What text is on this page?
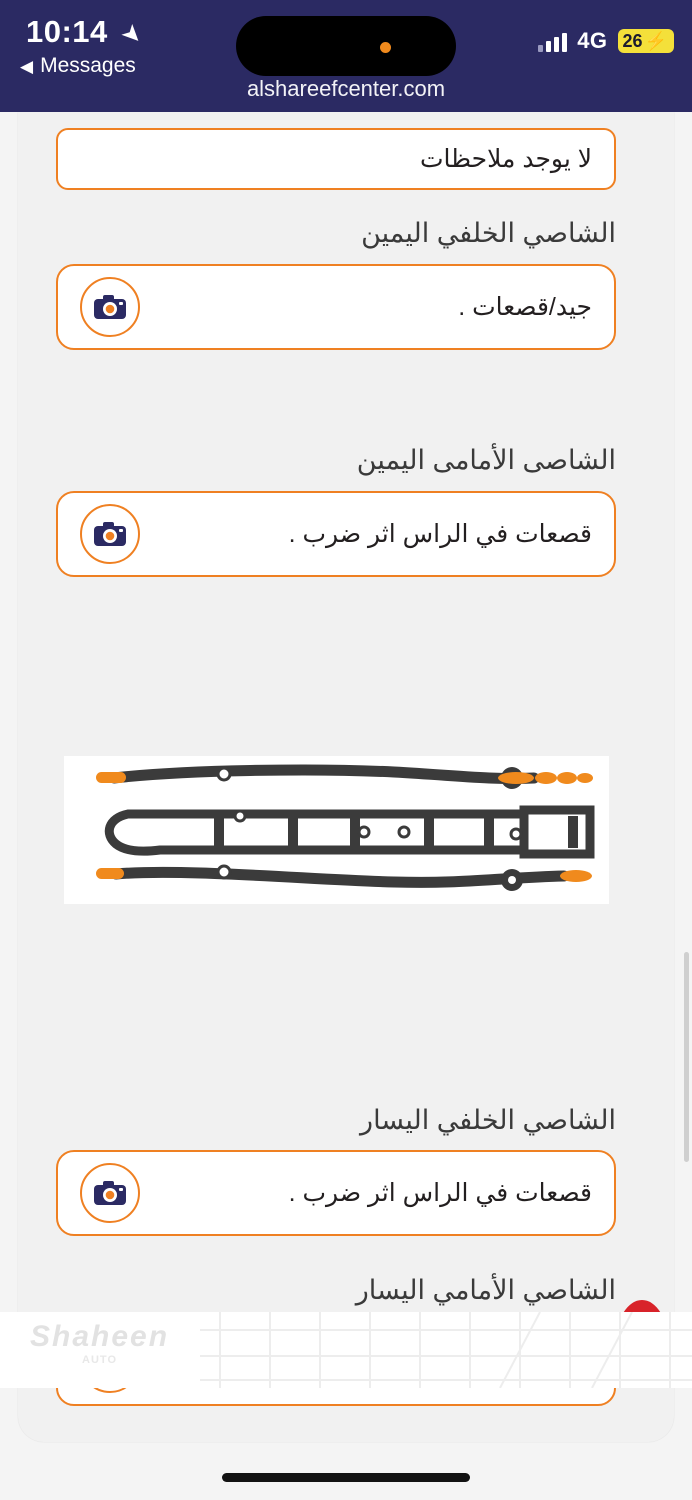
10:14 ➤
◀ Messages
alshareefcenter.com
4G 26 ⚡
لا يوجد ملاحظات
الشاصي الخلفي اليمين
جيد/قصعات .
الشاصى الأمامى اليمين
قصعات في الراس اثر ضرب .
الشاصي الخلفي اليسار
قصعات في الراس اثر ضرب .
الشاصي الأمامي اليسار
Shaheen
AUTO
